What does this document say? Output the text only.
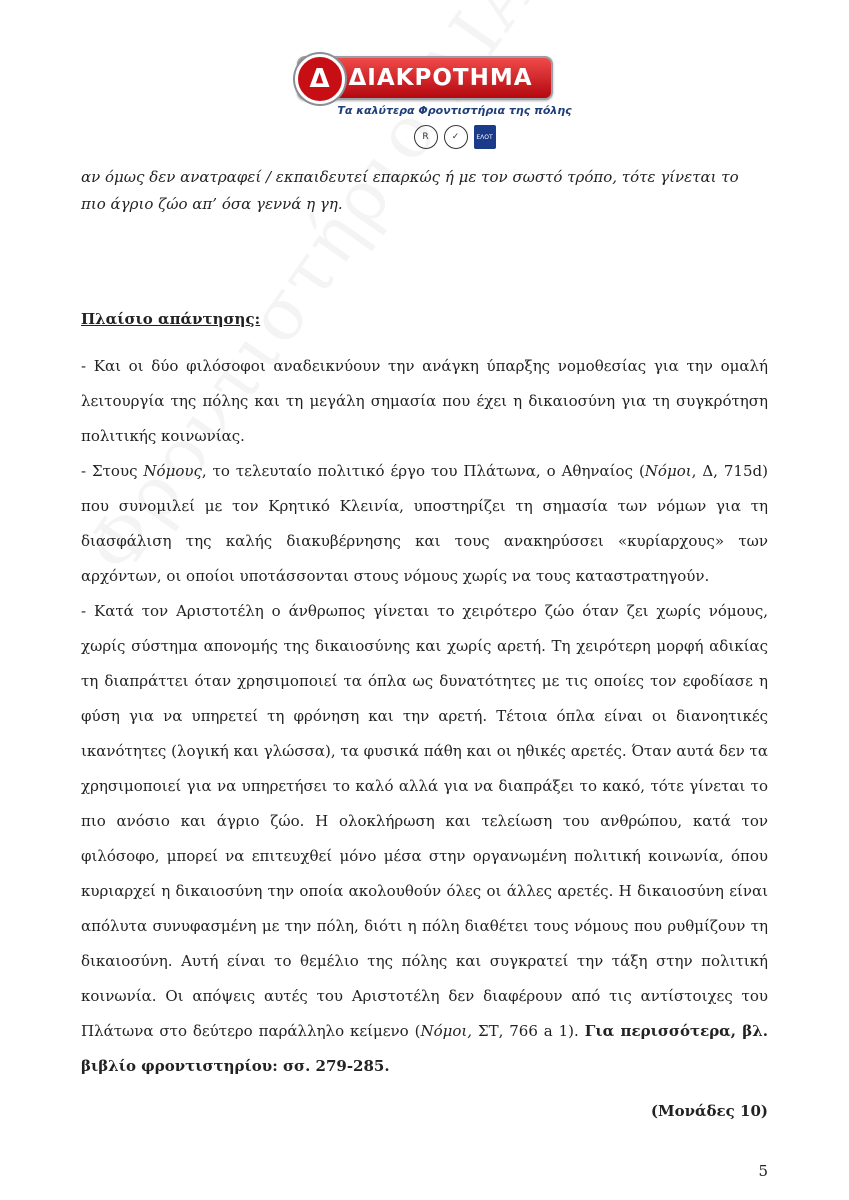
Δ ΔΙΑΚΡΟΤΗΜΑ
Τα καλύτερα Φροντιστήρια της πόλης
R	✓	ΕΛΟΤ

αν όμως δεν ανατραφεί / εκπαιδευτεί επαρκώς ή με τον σωστό τρόπο, τότε γίνεται το πιο άγριο ζώο απ’ όσα γεννά η γη.

Πλαίσιο απάντησης:

- Και οι δύο φιλόσοφοι αναδεικνύουν την ανάγκη ύπαρξης νομοθεσίας για την ομαλή λειτουργία της πόλης και τη μεγάλη σημασία που έχει η δικαιοσύνη για τη συγκρότηση πολιτικής κοινωνίας.

- Στους Νόμους, το τελευταίο πολιτικό έργο του Πλάτωνα, ο Αθηναίος (Νόμοι, Δ, 715d) που συνομιλεί με τον Κρητικό Κλεινία, υποστηρίζει τη σημασία των νόμων για τη διασφάλιση της καλής διακυβέρνησης και τους ανακηρύσσει «κυρίαρχους» των αρχόντων, οι οποίοι υποτάσσονται στους νόμους χωρίς να τους καταστρατηγούν.

- Κατά τον Αριστοτέλη ο άνθρωπος γίνεται το χειρότερο ζώο όταν ζει χωρίς νόμους, χωρίς σύστημα απονομής της δικαιοσύνης και χωρίς αρετή. Τη χειρότερη μορφή αδικίας τη διαπράττει όταν χρησιμοποιεί τα όπλα ως δυνατότητες με τις οποίες τον εφοδίασε η φύση για να υπηρετεί τη φρόνηση και την αρετή. Τέτοια όπλα είναι οι διανοητικές ικανότητες (λογική και γλώσσα), τα φυσικά πάθη και οι ηθικές αρετές. Όταν αυτά δεν τα χρησιμοποιεί για να υπηρετήσει το καλό αλλά για να διαπράξει το κακό, τότε γίνεται το πιο ανόσιο και άγριο ζώο. Η ολοκλήρωση και τελείωση του ανθρώπου, κατά τον φιλόσοφο, μπορεί να επιτευχθεί μόνο μέσα στην οργανωμένη πολιτική κοινωνία, όπου κυριαρχεί η δικαιοσύνη την οποία ακολουθούν όλες οι άλλες αρετές. Η δικαιοσύνη είναι απόλυτα συνυφασμένη με την πόλη, διότι η πόλη διαθέτει τους νόμους που ρυθμίζουν τη δικαιοσύνη. Αυτή είναι το θεμέλιο της πόλης και συγκρατεί την τάξη στην πολιτική κοινωνία. Οι απόψεις αυτές του Αριστοτέλη δεν διαφέρουν από τις αντίστοιχες του Πλάτωνα στο δεύτερο παράλληλο κείμενο (Νόμοι, ΣΤ, 766 a 1). Για περισσότερα, βλ. βιβλίο φροντιστηρίου: σσ. 279-285.

(Μονάδες 10)
5
